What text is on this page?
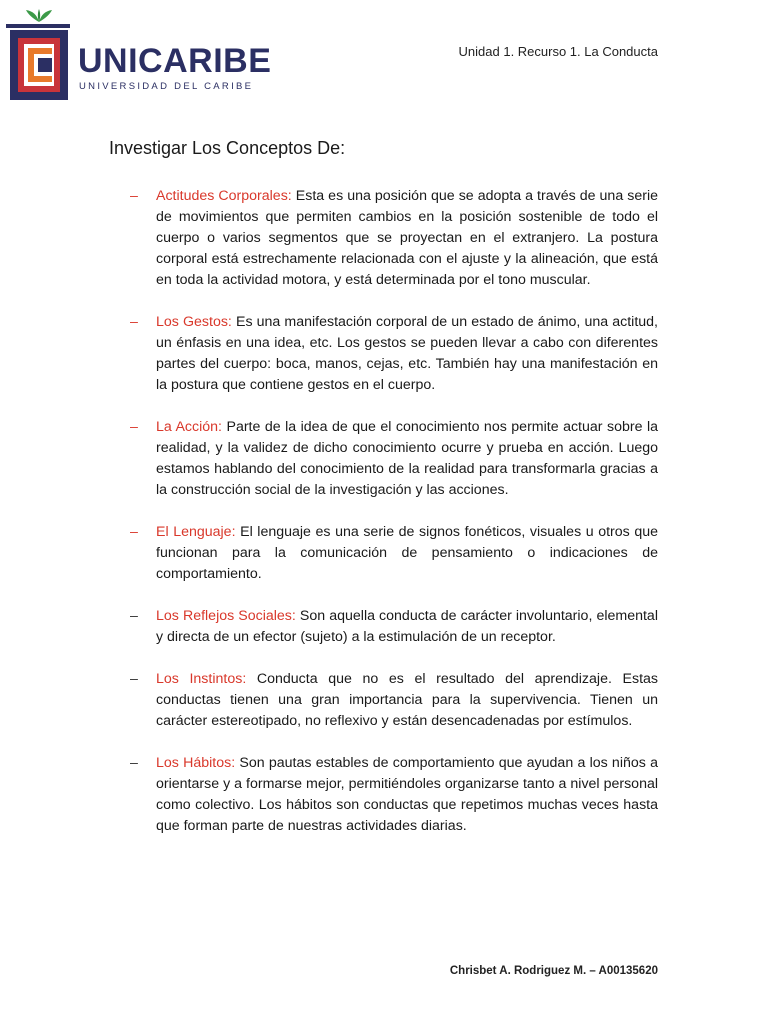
UNICARIBE
UNIVERSIDAD DEL CARIBE
Unidad 1. Recurso 1. La Conducta
Investigar Los Conceptos De:
–	Actitudes Corporales: Esta es una posición que se adopta a través de una serie de movimientos que permiten cambios en la posición sostenible de todo el cuerpo o varios segmentos que se proyectan en el extranjero. La postura corporal está estrechamente relacionada con el ajuste y la alineación, que está en toda la actividad motora, y está determinada por el tono muscular.
–	Los Gestos: Es una manifestación corporal de un estado de ánimo, una actitud, un énfasis en una idea, etc. Los gestos se pueden llevar a cabo con diferentes partes del cuerpo: boca, manos, cejas, etc. También hay una manifestación en la postura que contiene gestos en el cuerpo.
–	La Acción: Parte de la idea de que el conocimiento nos permite actuar sobre la realidad, y la validez de dicho conocimiento ocurre y prueba en acción. Luego estamos hablando del conocimiento de la realidad para transformarla gracias a la construcción social de la investigación y las acciones.
–	El Lenguaje: El lenguaje es una serie de signos fonéticos, visuales u otros que funcionan para la comunicación de pensamiento o indicaciones de comportamiento.
–	Los Reflejos Sociales: Son aquella conducta de carácter involuntario, elemental y directa de un efector (sujeto) a la estimulación de un receptor.
–	Los Instintos: Conducta que no es el resultado del aprendizaje. Estas conductas tienen una gran importancia para la supervivencia. Tienen un carácter estereotipado, no reflexivo y están desencadenadas por estímulos.
–	Los Hábitos: Son pautas estables de comportamiento que ayudan a los niños a orientarse y a formarse mejor, permitiéndoles organizarse tanto a nivel personal como colectivo. Los hábitos son conductas que repetimos muchas veces hasta que forman parte de nuestras actividades diarias.
Chrisbet A. Rodriguez M. – A00135620
